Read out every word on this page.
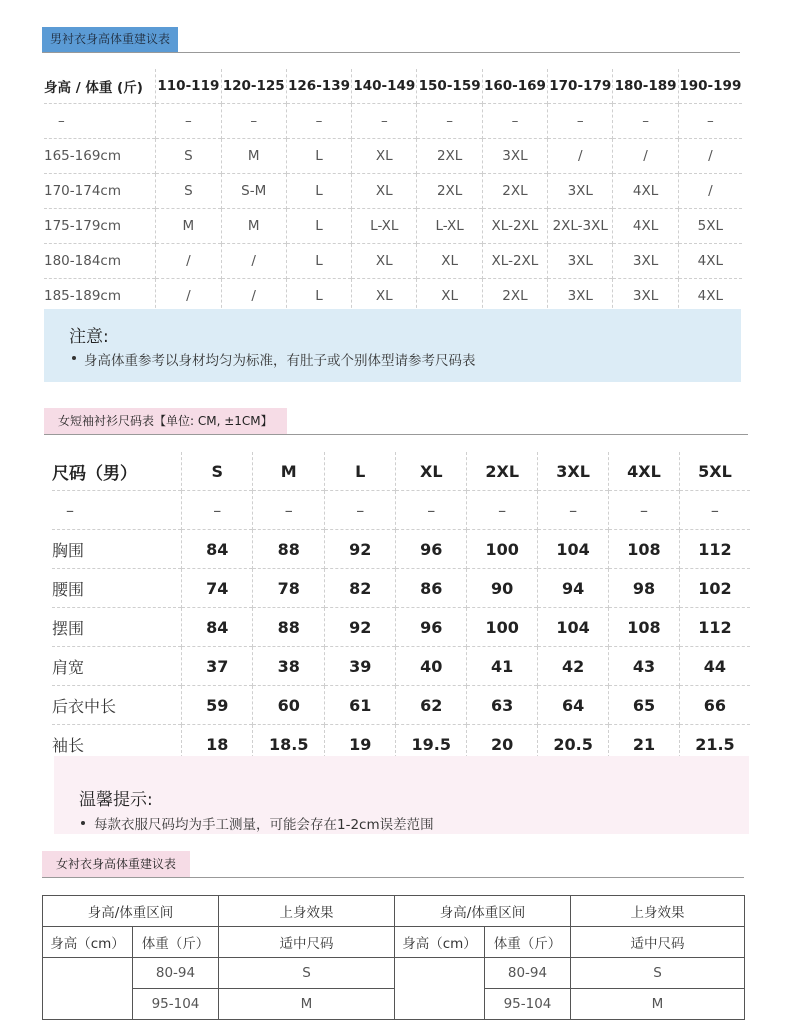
男衬衣身高体重建议表
身高 / 体重 (斤)	110-119	120-125	126-139	140-149	150-159	160-169	170-179	180-189	190-199
–	–	–	–	–	–	–	–	–	–
165-169cm	S	M	L	XL	2XL	3XL	/	/	/
170-174cm	S	S-M	L	XL	2XL	2XL	3XL	4XL	/
175-179cm	M	M	L	L-XL	L-XL	XL-2XL	2XL-3XL	4XL	5XL
180-184cm	/	/	L	XL	XL	XL-2XL	3XL	3XL	4XL
185-189cm	/	/	L	XL	XL	2XL	3XL	3XL	4XL
注意:
身高体重参考以身材均匀为标准，有肚子或个别体型请参考尺码表
女短袖衬衫尺码表【单位: CM, ±1CM】
尺码（男）	S	M	L	XL	2XL	3XL	4XL	5XL
–	–	–	–	–	–	–	–	–
胸围	84	88	92	96	100	104	108	112
腰围	74	78	82	86	90	94	98	102
摆围	84	88	92	96	100	104	108	112
肩宽	37	38	39	40	41	42	43	44
后衣中长	59	60	61	62	63	64	65	66
袖长	18	18.5	19	19.5	20	20.5	21	21.5
温馨提示:
每款衣服尺码均为手工测量，可能会存在1-2cm误差范围
女衬衣身高体重建议表
身高/体重区间		上身效果	身高/体重区间		上身效果
身高（cm）	体重（斤）	适中尺码	身高（cm）	体重（斤）	适中尺码
	80-94	S		80-94	S
	95-104	M		95-104	M
